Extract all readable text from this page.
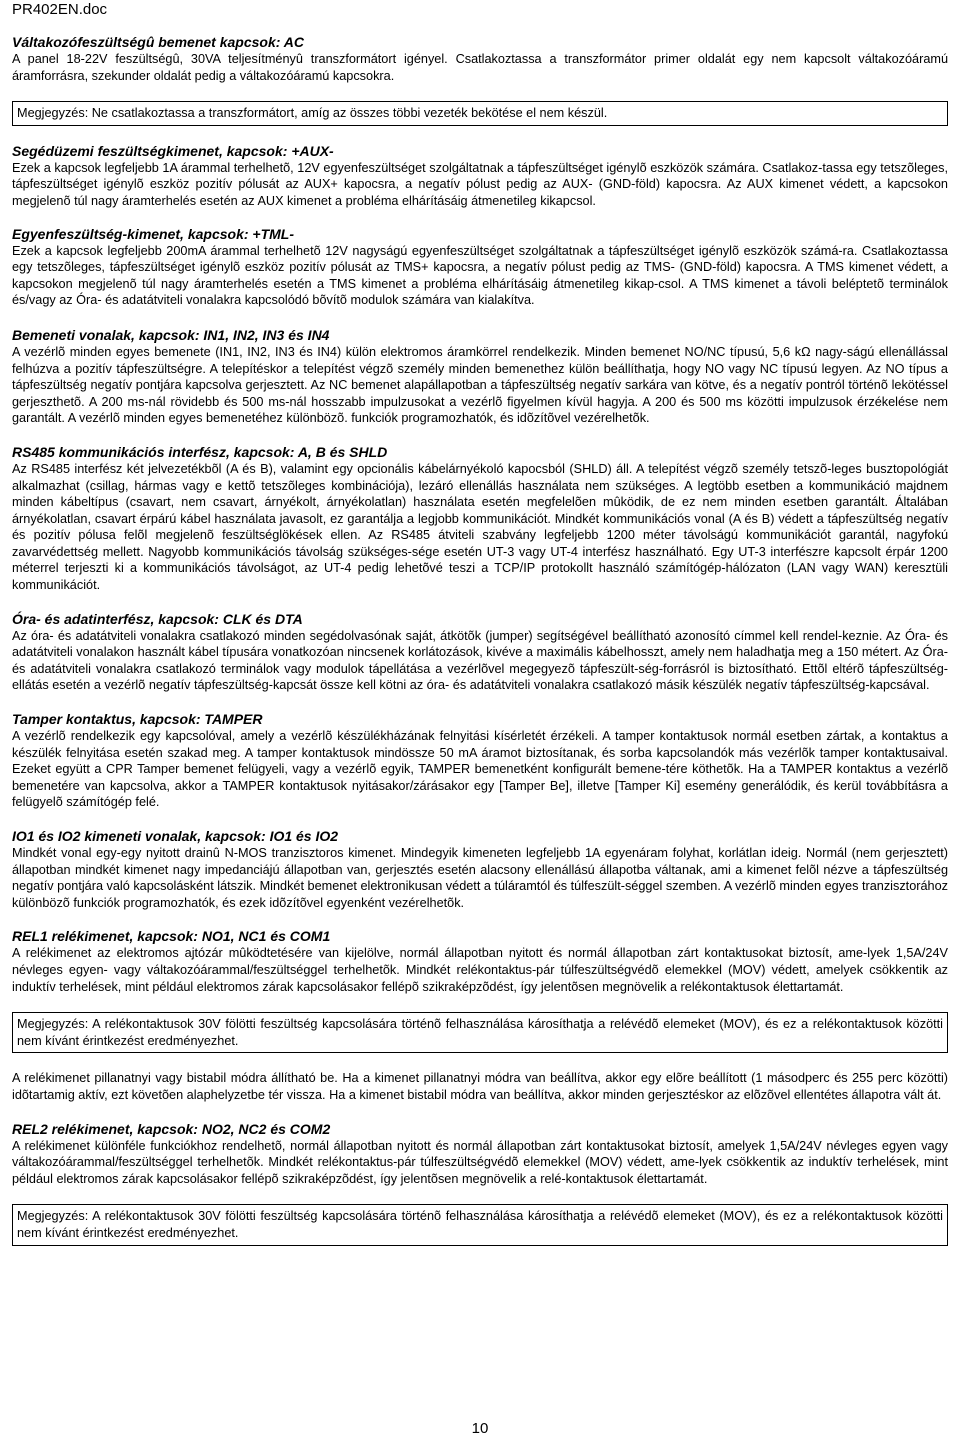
PR402EN.doc
Váltakozófeszültségû bemenet kapcsok: AC

A panel 18-22V feszültségû, 30VA teljesítményû transzformátort igényel. Csatlakoztassa a transzformátor primer oldalát egy nem kapcsolt váltakozóáramú áramforrásra, szekunder oldalát pedig a váltakozóáramú kapcsokra.

Megjegyzés: Ne csatlakoztassa a transzformátort, amíg az összes többi vezeték bekötése el nem készül.
Segédüzemi feszültségkimenet, kapcsok: +AUX-

Ezek a kapcsok legfeljebb 1A árammal terhelhetõ, 12V egyenfeszültséget szolgáltatnak a tápfeszültséget igénylõ eszközök számára. Csatlakoz-tassa egy tetszõleges, tápfeszültséget igénylõ eszköz pozitív pólusát az AUX+ kapocsra, a negatív pólust pedig az AUX- (GND-föld) kapocsra. Az AUX kimenet védett, a kapcsokon megjelenõ túl nagy áramterhelés esetén az AUX kimenet a probléma elhárításáig átmenetileg kikapcsol.

Egyenfeszültség-kimenet, kapcsok: +TML-

Ezek a kapcsok legfeljebb 200mA árammal terhelhetõ 12V nagyságú egyenfeszültséget szolgáltatnak a tápfeszültséget igénylõ eszközök számá-ra. Csatlakoztassa egy tetszõleges, tápfeszültséget igénylõ eszköz pozitív pólusát az TMS+ kapocsra, a negatív pólust pedig az TMS- (GND-föld) kapocsra. A TMS kimenet védett, a kapcsokon megjelenõ túl nagy áramterhelés esetén a TMS kimenet a probléma elhárításáig átmenetileg kikap-csol. A TMS kimenet a távoli beléptetõ terminálok és/vagy az Óra- és adatátviteli vonalakra kapcsolódó bõvítõ modulok számára van kialakítva.

Bemeneti vonalak, kapcsok: IN1, IN2, IN3 és IN4

A vezérlõ minden egyes bemenete (IN1, IN2, IN3 és IN4) külön elektromos áramkörrel rendelkezik. Minden bemenet NO/NC típusú, 5,6 kΩ nagy-ságú ellenállással felhúzva a pozitív tápfeszültségre. A telepítéskor a telepítést végzõ személy minden bemenethez külön beállíthatja, hogy NO vagy NC típusú legyen. Az NO típus a tápfeszültség negatív pontjára kapcsolva gerjesztett. Az NC bemenet alapállapotban a tápfeszültség negatív sarkára van kötve, és a negatív pontról történõ lekötéssel gerjeszthetõ. A 200 ms-nál rövidebb és 500 ms-nál hosszabb impulzusokat a vezérlõ figyelmen kívül hagyja. A 200 és 500 ms közötti impulzusok érzékelése nem garantált. A vezérlõ minden egyes bemenetéhez különbözõ. funkciók programozhatók, és idõzítõvel vezérelhetõk.

RS485 kommunikációs interfész, kapcsok: A, B és SHLD

Az RS485 interfész két jelvezetékbõl (A és B), valamint egy opcionális kábelárnyékoló kapocsból (SHLD) áll. A telepítést végzõ személy tetszõ-leges busztopológiát alkalmazhat (csillag, hármas vagy e kettõ tetszõleges kombinációja), lezáró ellenállás használata nem szükséges. A legtöbb esetben a kommunikáció majdnem minden kábeltípus (csavart, nem csavart, árnyékolt, árnyékolatlan) használata esetén megfelelõen mûködik, de ez nem minden esetben garantált. Általában árnyékolatlan, csavart érpárú kábel használata javasolt, ez garantálja a legjobb kommunikációt. Mindkét kommunikációs vonal (A és B) védett a tápfeszültség negatív és pozitív pólusa felõl megjelenõ feszültséglökések ellen. Az RS485 átviteli szabvány legfeljebb 1200 méter távolságú kommunikációt garantál, nagyfokú zavarvédettség mellett. Nagyobb kommunikációs távolság szükséges-sége esetén UT-3 vagy UT-4 interfész használható. Egy UT-3 interfészre kapcsolt érpár 1200 méterrel terjeszti ki a kommunikációs távolságot, az UT-4 pedig lehetõvé teszi a TCP/IP protokollt használó számítógép-hálózaton (LAN vagy WAN) keresztüli kommunikációt.

Óra- és adatinterfész, kapcsok: CLK és DTA

Az óra- és adatátviteli vonalakra csatlakozó minden segédolvasónak saját, átkötõk (jumper) segítségével beállítható azonosító címmel kell rendel-keznie. Az Óra- és adatátviteli vonalakon használt kábel típusára vonatkozóan nincsenek korlátozások, kivéve a maximális kábelhosszt, amely nem haladhatja meg a 150 métert. Az Óra- és adatátviteli vonalakra csatlakozó terminálok vagy modulok tápellátása a vezérlõvel megegyezõ tápfeszült-ség-forrásról is biztosítható. Ettõl eltérõ tápfeszültség-ellátás esetén a vezérlõ negatív tápfeszültség-kapcsát össze kell kötni az óra- és adatátviteli vonalakra csatlakozó másik készülék negatív tápfeszültség-kapcsával.

Tamper kontaktus, kapcsok: TAMPER

A vezérlõ rendelkezik egy kapcsolóval, amely a vezérlõ készülékházának felnyitási kísérletét érzékeli. A tamper kontaktusok normál esetben zártak, a kontaktus a készülék felnyitása esetén szakad meg. A tamper kontaktusok mindössze 50 mA áramot biztosítanak, és sorba kapcsolandók más vezérlõk tamper kontaktusaival. Ezeket együtt a CPR Tamper bemenet felügyeli, vagy a vezérlõ egyik, TAMPER bemenetként konfigurált bemene-tére köthetõk. Ha a TAMPER kontaktus a vezérlõ bemenetére van kapcsolva, akkor a TAMPER kontaktusok nyitásakor/zárásakor egy [Tamper Be], illetve [Tamper Ki] esemény generálódik, és kerül továbbításra a felügyelõ számítógép felé.

IO1 és IO2 kimeneti vonalak, kapcsok: IO1 és IO2

Mindkét vonal egy-egy nyitott drainû N-MOS tranzisztoros kimenet. Mindegyik kimeneten legfeljebb 1A egyenáram folyhat, korlátlan ideig. Normál (nem gerjesztett) állapotban mindkét kimenet nagy impedanciájú állapotban van, gerjesztés esetén alacsony ellenállású állapotba váltanak, ami a kimenet felõl nézve a tápfeszültség negatív pontjára való kapcsolásként látszik. Mindkét bemenet elektronikusan védett a túláramtól és túlfeszült-séggel szemben. A vezérlõ minden egyes tranzisztorához különbözõ funkciók programozhatók, és ezek idõzítõvel egyenként vezérelhetõk.

REL1 relékimenet, kapcsok: NO1, NC1 és COM1

A relékimenet az elektromos ajtózár mûködtetésére van kijelölve, normál állapotban nyitott és normál állapotban zárt kontaktusokat biztosít, ame-lyek 1,5A/24V névleges egyen- vagy váltakozóárammal/feszültséggel terhelhetõk. Mindkét relékontaktus-pár túlfeszültségvédõ elemekkel (MOV) védett, amelyek csökkentik az induktív terhelések, mint például elektromos zárak kapcsolásakor fellépõ szikraképzõdést, így jelentõsen megnövelik a relékontaktusok élettartamát.

Megjegyzés: A relékontaktusok 30V fölötti feszültség kapcsolására történõ felhasználása károsíthatja a relévédõ elemeket (MOV), és ez a relékontaktusok közötti nem kívánt érintkezést eredményezhet.

A relékimenet pillanatnyi vagy bistabil módra állítható be. Ha a kimenet pillanatnyi módra van beállítva, akkor egy elõre beállított (1 másodperc és 255 perc közötti) idõtartamig aktív, ezt követõen alaphelyzetbe tér vissza. Ha a kimenet bistabil módra van beállítva, akkor minden gerjesztéskor az elõzõvel ellentétes állapotra vált át.

REL2 relékimenet, kapcsok: NO2, NC2 és COM2

A relékimenet különféle funkciókhoz rendelhetõ, normál állapotban nyitott és normál állapotban zárt kontaktusokat biztosít, amelyek 1,5A/24V névleges egyen vagy váltakozóárammal/feszültséggel terhelhetõk. Mindkét relékontaktus-pár túlfeszültségvédõ elemekkel (MOV) védett, ame-lyek csökkentik az induktív terhelések, mint például elektromos zárak kapcsolásakor fellépõ szikraképzõdést, így jelentõsen megnövelik a relé-kontaktusok élettartamát.

Megjegyzés: A relékontaktusok 30V fölötti feszültség kapcsolására történõ felhasználása károsíthatja a relévédõ elemeket (MOV), és ez a relékontaktusok közötti nem kívánt érintkezést eredményezhet.
10
